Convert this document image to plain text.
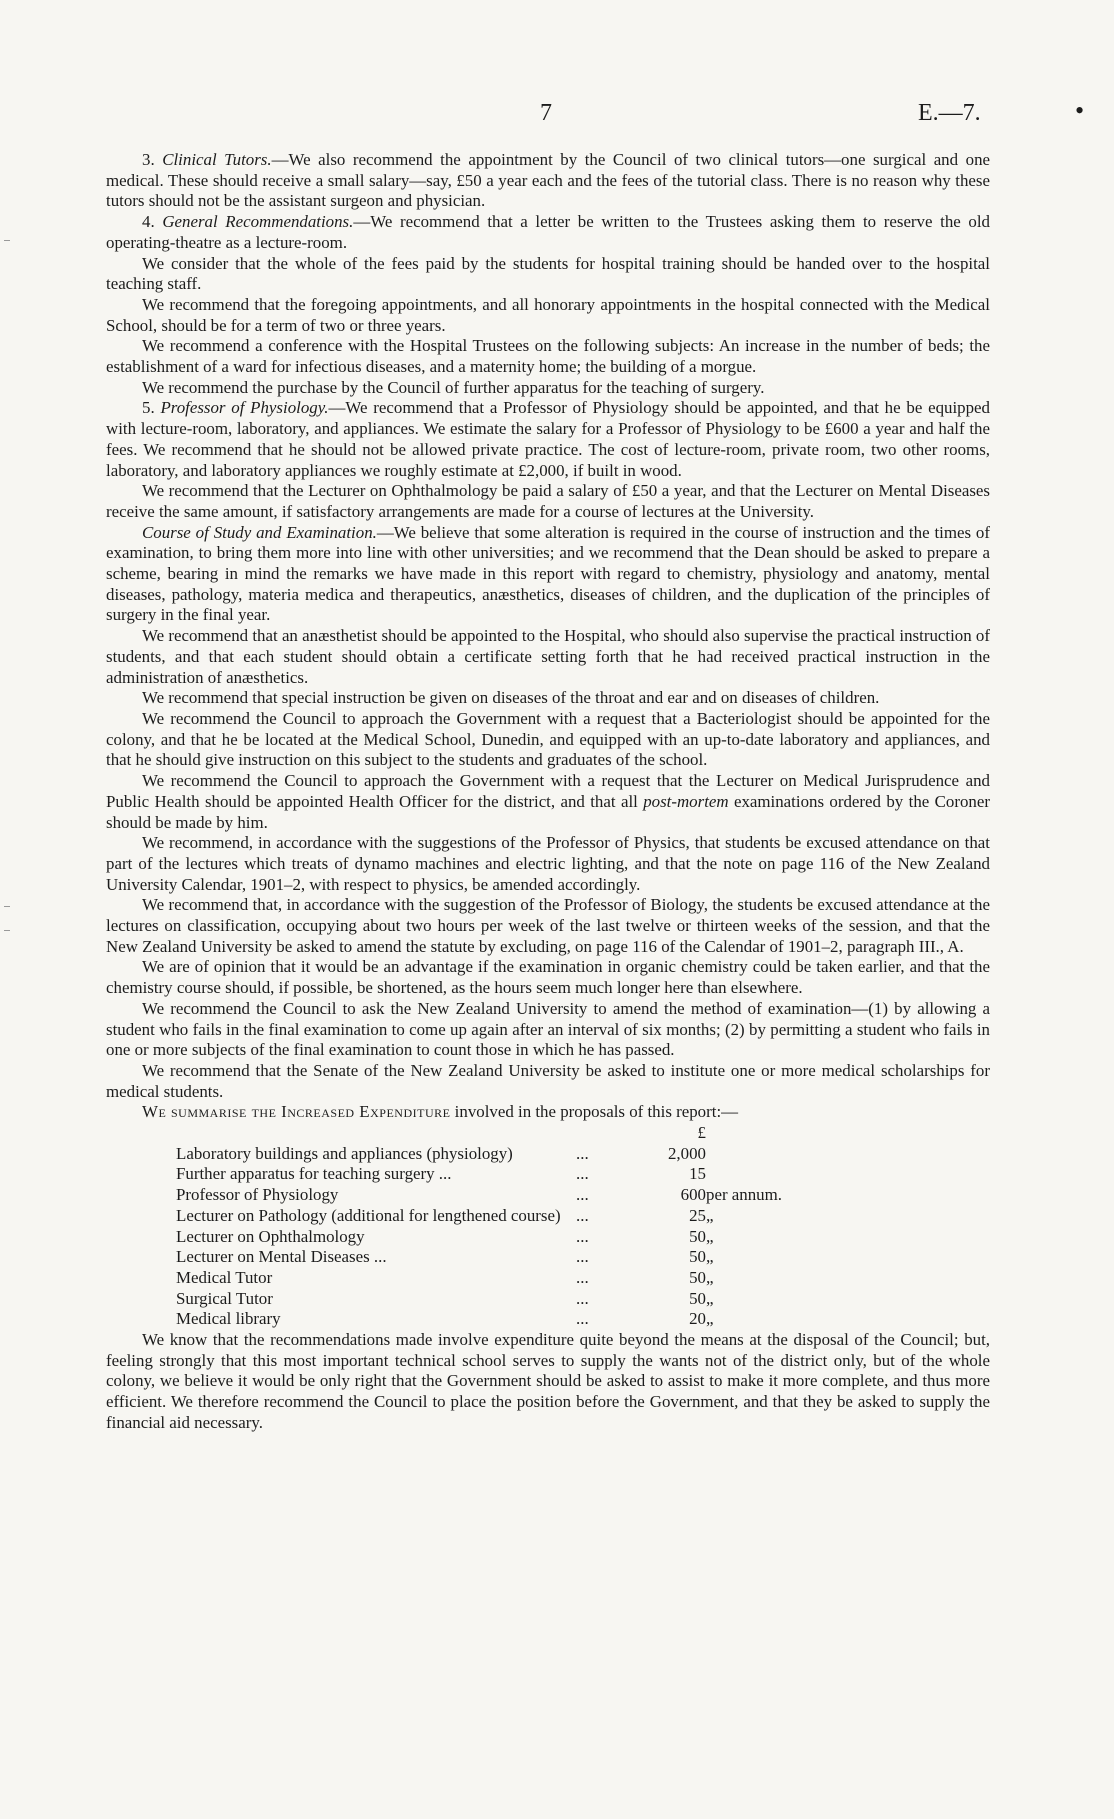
7	E.—7.	•

3. Clinical Tutors.—We also recommend the appointment by the Council of two clinical tutors—one surgical and one medical. These should receive a small salary—say, £50 a year each and the fees of the tutorial class. There is no reason why these tutors should not be the assistant surgeon and physician.

4. General Recommendations.—We recommend that a letter be written to the Trustees asking them to reserve the old operating-theatre as a lecture-room.

We consider that the whole of the fees paid by the students for hospital training should be handed over to the hospital teaching staff.

We recommend that the foregoing appointments, and all honorary appointments in the hospital connected with the Medical School, should be for a term of two or three years.

We recommend a conference with the Hospital Trustees on the following subjects: An increase in the number of beds; the establishment of a ward for infectious diseases, and a maternity home; the building of a morgue.

We recommend the purchase by the Council of further apparatus for the teaching of surgery.

5. Professor of Physiology.—We recommend that a Professor of Physiology should be appointed, and that he be equipped with lecture-room, laboratory, and appliances. We estimate the salary for a Professor of Physiology to be £600 a year and half the fees. We recommend that he should not be allowed private practice. The cost of lecture-room, private room, two other rooms, laboratory, and laboratory appliances we roughly estimate at £2,000, if built in wood.

We recommend that the Lecturer on Ophthalmology be paid a salary of £50 a year, and that the Lecturer on Mental Diseases receive the same amount, if satisfactory arrangements are made for a course of lectures at the University.

Course of Study and Examination.—We believe that some alteration is required in the course of instruction and the times of examination, to bring them more into line with other universities; and we recommend that the Dean should be asked to prepare a scheme, bearing in mind the remarks we have made in this report with regard to chemistry, physiology and anatomy, mental diseases, pathology, materia medica and therapeutics, anæsthetics, diseases of children, and the duplication of the principles of surgery in the final year.

We recommend that an anæsthetist should be appointed to the Hospital, who should also supervise the practical instruction of students, and that each student should obtain a certificate setting forth that he had received practical instruction in the administration of anæsthetics.

We recommend that special instruction be given on diseases of the throat and ear and on diseases of children.

We recommend the Council to approach the Government with a request that a Bacteriologist should be appointed for the colony, and that he be located at the Medical School, Dunedin, and equipped with an up-to-date laboratory and appliances, and that he should give instruction on this subject to the students and graduates of the school.

We recommend the Council to approach the Government with a request that the Lecturer on Medical Jurisprudence and Public Health should be appointed Health Officer for the district, and that all post-mortem examinations ordered by the Coroner should be made by him.

We recommend, in accordance with the suggestions of the Professor of Physics, that students be excused attendance on that part of the lectures which treats of dynamo machines and electric lighting, and that the note on page 116 of the New Zealand University Calendar, 1901–2, with respect to physics, be amended accordingly.

We recommend that, in accordance with the suggestion of the Professor of Biology, the students be excused attendance at the lectures on classification, occupying about two hours per week of the last twelve or thirteen weeks of the session, and that the New Zealand University be asked to amend the statute by excluding, on page 116 of the Calendar of 1901–2, paragraph III., A.

We are of opinion that it would be an advantage if the examination in organic chemistry could be taken earlier, and that the chemistry course should, if possible, be shortened, as the hours seem much longer here than elsewhere.

We recommend the Council to ask the New Zealand University to amend the method of examination—(1) by allowing a student who fails in the final examination to come up again after an interval of six months; (2) by permitting a student who fails in one or more subjects of the final examination to count those in which he has passed.

We recommend that the Senate of the New Zealand University be asked to institute one or more medical scholarships for medical students.

We summarise the Increased Expenditure involved in the proposals of this report:—

		£	
Laboratory buildings and appliances (physiology)	...	2,000	
Further apparatus for teaching surgery ...	...	15	
Professor of Physiology	...	600	per annum.
Lecturer on Pathology (additional for lengthened course)	...	25	„
Lecturer on Ophthalmology	...	50	„
Lecturer on Mental Diseases ...	...	50	„
Medical Tutor	...	50	„
Surgical Tutor	...	50	„
Medical library	...	20	„

We know that the recommendations made involve expenditure quite beyond the means at the disposal of the Council; but, feeling strongly that this most important technical school serves to supply the wants not of the district only, but of the whole colony, we believe it would be only right that the Government should be asked to assist to make it more complete, and thus more efficient. We therefore recommend the Council to place the position before the Government, and that they be asked to supply the financial aid necessary.
